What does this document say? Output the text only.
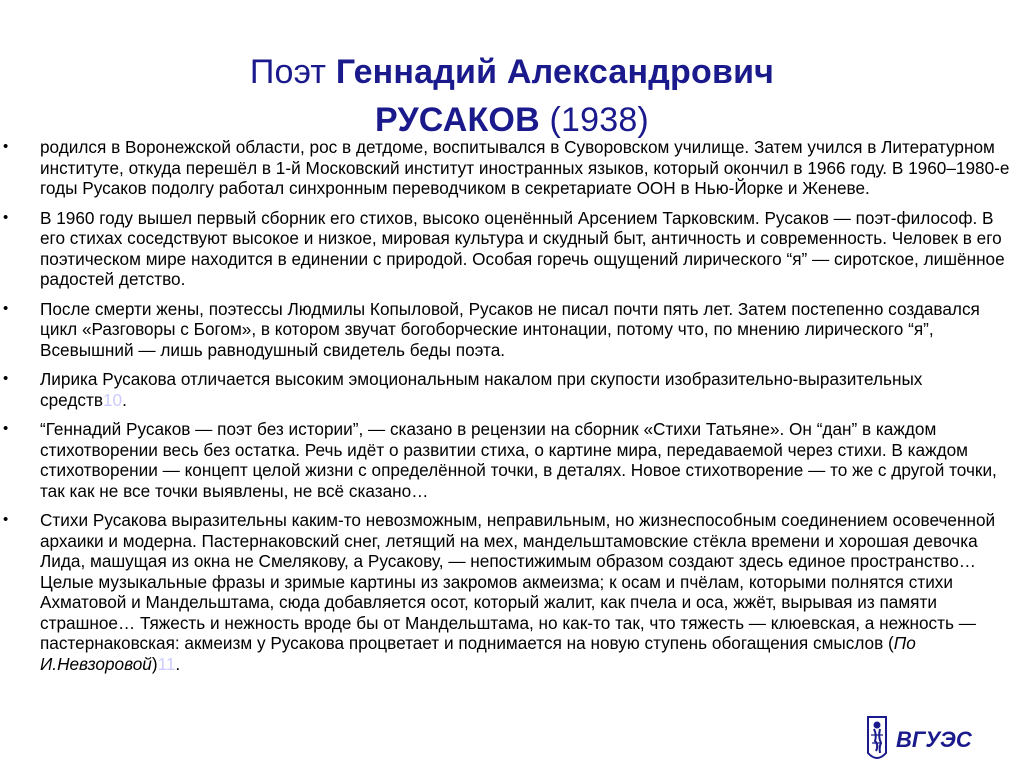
Поэт Геннадий Александрович
РУСАКОВ (1938)
• родился в Воронежской области, рос в детдоме, воспитывался в Суворовском училище. Затем учился в Литературном институте, откуда перешёл в 1-й Московский институт иностранных языков, который окончил в 1966 году. В 1960–1980-е годы Русаков подолгу работал синхронным переводчиком в секретариате ООН в Нью-Йорке и Женеве.
• В 1960 году вышел первый сборник его стихов, высоко оценённый Арсением Тарковским. Русаков — поэт-философ. В его стихах соседствуют высокое и низкое, мировая культура и скудный быт, античность и современность. Человек в его поэтическом мире находится в единении с природой. Особая горечь ощущений лирического “я” — сиротское, лишённое радостей детство.
• После смерти жены, поэтессы Людмилы Копыловой, Русаков не писал почти пять лет. Затем постепенно создавался цикл «Разговоры с Богом», в котором звучат богоборческие интонации, потому что, по мнению лирического “я”, Всевышний — лишь равнодушный свидетель беды поэта.
• Лирика Русакова отличается высоким эмоциональным накалом при скупости изобразительно-выразительных средств10.
• “Геннадий Русаков — поэт без истории”, — сказано в рецензии на сборник «Стихи Татьяне». Он “дан” в каждом стихотворении весь без остатка. Речь идёт о развитии стиха, о картине мира, передаваемой через стихи. В каждом стихотворении — концепт целой жизни с определённой точки, в деталях. Новое стихотворение — то же с другой точки, так как не все точки выявлены, не всё сказано…
• Стихи Русакова выразительны каким-то невозможным, неправильным, но жизнеспособным соединением осовеченной архаики и модерна. Пастернаковский снег, летящий на мех, мандельштамовские стёкла времени и хорошая девочка Лида, машущая из окна не Смелякову, а Русакову, — непостижимым образом создают здесь единое пространство… Целые музыкальные фразы и зримые картины из закромов акмеизма; к осам и пчёлам, которыми полнятся стихи Ахматовой и Мандельштама, сюда добавляется осот, который жалит, как пчела и оса, жжёт, вырывая из памяти страшное… Тяжесть и нежность вроде бы от Мандельштама, но как-то так, что тяжесть — клюевская, а нежность — пастернаковская: акмеизм у Русакова процветает и поднимается на новую ступень обогащения смыслов (По И.Невзоровой)11.
ВГУЭС
